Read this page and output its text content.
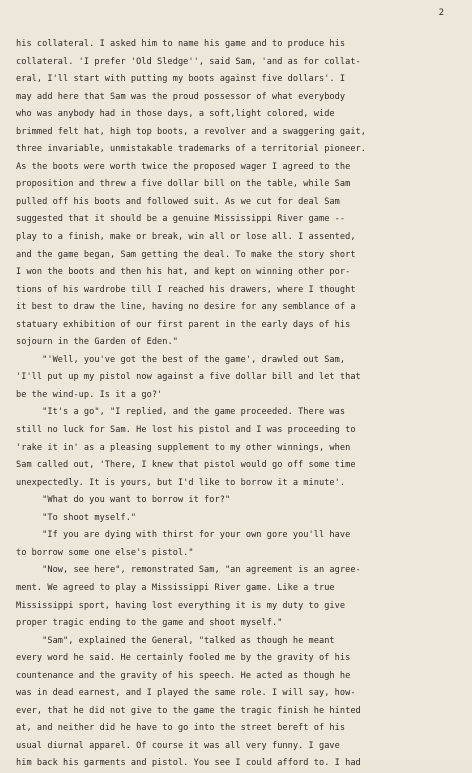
2
his collateral. I asked him to name his game and to produce his
collateral. 'I prefer 'Old Sledge'', said Sam, 'and as for collat-
eral, I'll start with putting my boots against five dollars'. I
may add here that Sam was the proud possessor of what everybody
who was anybody had in those days, a soft,light colored, wide
brimmed felt hat, high top boots, a revolver and a swaggering gait,
three invariable, unmistakable trademarks of a territorial pioneer.
As the boots were worth twice the proposed wager I agreed to the
proposition and threw a five dollar bill on the table, while Sam
pulled off his boots and followed suit. As we cut for deal Sam
suggested that it should be a genuine Mississippi River game --
play to a finish, make or break, win all or lose all. I assented,
and the game began, Sam getting the deal. To make the story short
I won the boots and then his hat, and kept on winning other por-
tions of his wardrobe till I reached his drawers, where I thought
it best to draw the line, having no desire for any semblance of a
statuary exhibition of our first parent in the early days of his
sojourn in the Garden of Eden."
"'Well, you've got the best of the game', drawled out Sam,
'I'll put up my pistol now against a five dollar bill and let that
be the wind-up. Is it a go?'
"It's a go", "I replied, and the game proceeded. There was
still no luck for Sam. He lost his pistol and I was proceeding to
'rake it in' as a pleasing supplement to my other winnings, when
Sam called out, 'There, I knew that pistol would go off some time
unexpectedly. It is yours, but I'd like to borrow it a minute'.
"What do you want to borrow it for?"
"To shoot myself."
"If you are dying with thirst for your own gore you'll have
to borrow some one else's pistol."
"Now, see here", remonstrated Sam, "an agreement is an agree-
ment. We agreed to play a Mississippi River game. Like a true
Mississippi sport, having lost everything it is my duty to give
proper tragic ending to the game and shoot myself."
"Sam", explained the General, "talked as though he meant
every word he said. He certainly fooled me by the gravity of his
countenance and the gravity of his speech. He acted as though he
was in dead earnest, and I played the same role. I will say, how-
ever, that he did not give to the game the tragic finish he hinted
at, and neither did he have to go into the street bereft of his
usual diurnal apparel. Of course it was all very funny. I gave
him back his garments and pistol. You see I could afford to. I had
